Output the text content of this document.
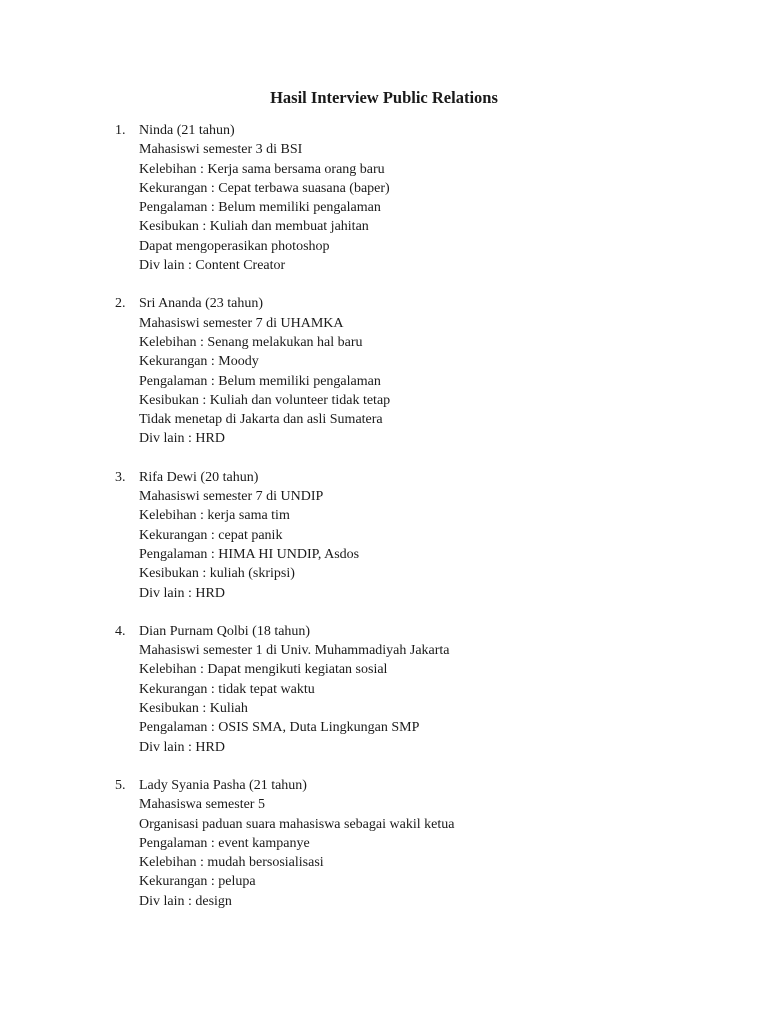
Hasil Interview Public Relations
1. Ninda (21 tahun)
Mahasiswi semester 3 di BSI
Kelebihan : Kerja sama bersama orang baru
Kekurangan : Cepat terbawa suasana (baper)
Pengalaman : Belum memiliki pengalaman
Kesibukan : Kuliah dan membuat jahitan
Dapat mengoperasikan photoshop
Div lain : Content Creator
2. Sri Ananda (23 tahun)
Mahasiswi semester 7 di UHAMKA
Kelebihan : Senang melakukan hal baru
Kekurangan : Moody
Pengalaman : Belum memiliki pengalaman
Kesibukan : Kuliah dan volunteer tidak tetap
Tidak menetap di Jakarta dan asli Sumatera
Div lain : HRD
3. Rifa Dewi (20 tahun)
Mahasiswi semester 7 di UNDIP
Kelebihan : kerja sama tim
Kekurangan : cepat panik
Pengalaman : HIMA HI UNDIP, Asdos
Kesibukan : kuliah (skripsi)
Div lain : HRD
4. Dian Purnam Qolbi (18 tahun)
Mahasiswi semester 1 di Univ. Muhammadiyah Jakarta
Kelebihan : Dapat mengikuti kegiatan sosial
Kekurangan : tidak tepat waktu
Kesibukan : Kuliah
Pengalaman : OSIS SMA, Duta Lingkungan SMP
Div lain : HRD
5. Lady Syania Pasha (21 tahun)
Mahasiswa semester 5
Organisasi paduan suara mahasiswa sebagai wakil ketua
Pengalaman : event kampanye
Kelebihan : mudah bersosialisasi
Kekurangan : pelupa
Div lain : design
